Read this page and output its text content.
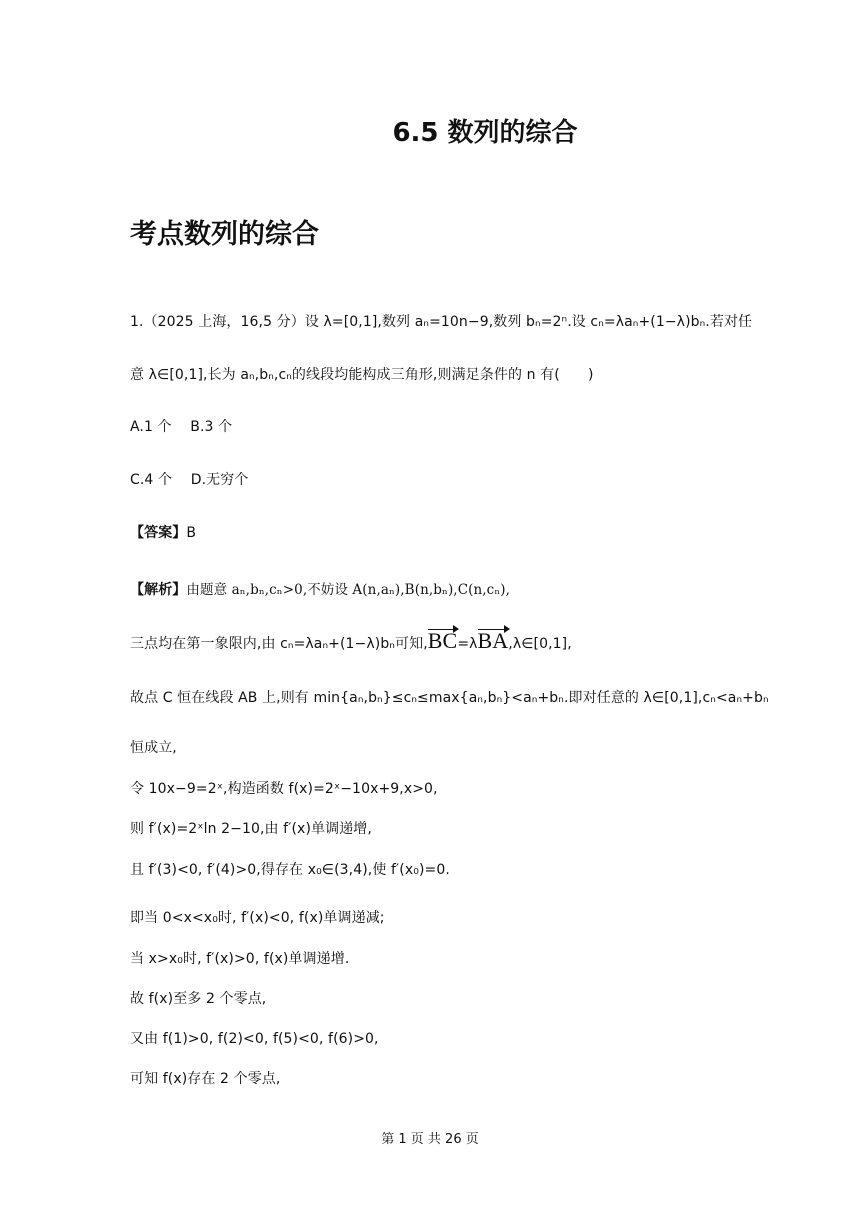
6.5 数列的综合
考点数列的综合
1.（2025 上海，16,5 分）设 λ=[0,1],数列 aₙ=10n−9,数列 bₙ=2ⁿ.设 cₙ=λaₙ+(1−λ)bₙ.若对任
意 λ∈[0,1],长为 aₙ,bₙ,cₙ的线段均能构成三角形,则满足条件的 n 有(　　)
A.1 个　 B.3 个
C.4 个　 D.无穷个
【答案】B
【解析】由题意 aₙ,bₙ,cₙ>0,不妨设 A(n,aₙ),B(n,bₙ),C(n,cₙ),
三点均在第一象限内,由 cₙ=λaₙ+(1−λ)bₙ可知,BC=λBA,λ∈[0,1],
故点 C 恒在线段 AB 上,则有 min{aₙ,bₙ}≤cₙ≤max{aₙ,bₙ}<aₙ+bₙ.即对任意的 λ∈[0,1],cₙ<aₙ+bₙ
恒成立,
令 10x−9=2ˣ,构造函数 f(x)=2ˣ−10x+9,x>0,
则 f′(x)=2ˣln 2−10,由 f′(x)单调递增,
且 f′(3)<0, f′(4)>0,得存在 x₀∈(3,4),使 f′(x₀)=0.
即当 0<x<x₀时, f′(x)<0, f(x)单调递减;
当 x>x₀时, f′(x)>0, f(x)单调递增.
故 f(x)至多 2 个零点,
又由 f(1)>0, f(2)<0, f(5)<0, f(6)>0,
可知 f(x)存在 2 个零点,
第 1 页 共 26 页
